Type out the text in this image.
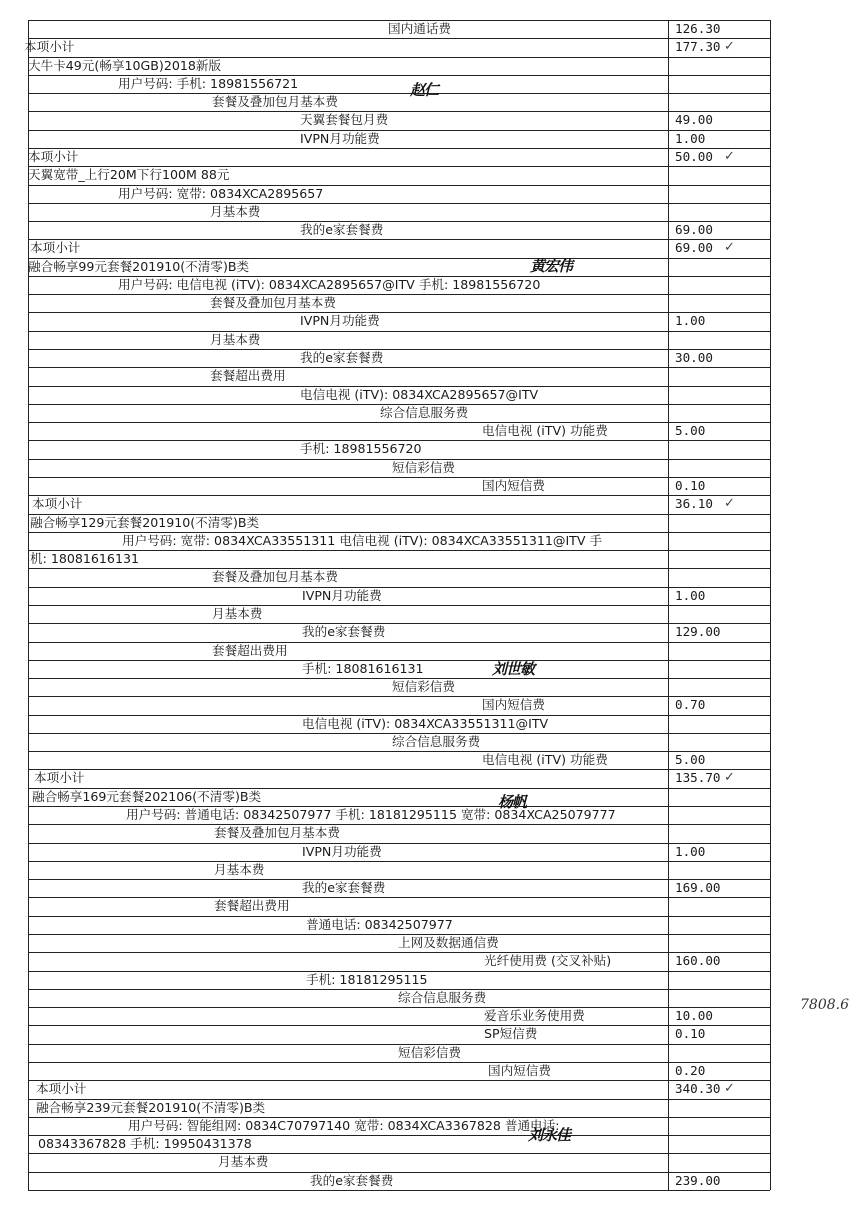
国内通话费	126.30
本项小计	177.30 ✓
大牛卡49元(畅享10GB)2018新版
用户号码: 手机: 18981556721
套餐及叠加包月基本费
天翼套餐包月费	49.00
IVPN月功能费	1.00
本项小计	50.00 ✓
天翼宽带_上行20M下行100M 88元
用户号码: 宽带: 0834XCA2895657
月基本费
我的e家套餐费	69.00
本项小计	69.00 ✓
融合畅享99元套餐201910(不清零)B类
用户号码: 电信电视 (iTV): 0834XCA2895657@ITV 手机: 18981556720
套餐及叠加包月基本费
IVPN月功能费	1.00
月基本费
我的e家套餐费	30.00
套餐超出费用
电信电视 (iTV): 0834XCA2895657@ITV
综合信息服务费
电信电视 (iTV) 功能费	5.00
手机: 18981556720
短信彩信费
国内短信费	0.10
本项小计	36.10 ✓
融合畅享129元套餐201910(不清零)B类
用户号码: 宽带: 0834XCA33551311 电信电视 (iTV): 0834XCA33551311@ITV 手
机: 18081616131
套餐及叠加包月基本费
IVPN月功能费	1.00
月基本费
我的e家套餐费	129.00
套餐超出费用
手机: 18081616131
短信彩信费
国内短信费	0.70
电信电视 (iTV): 0834XCA33551311@ITV
综合信息服务费
电信电视 (iTV) 功能费	5.00
本项小计	135.70 ✓
融合畅享169元套餐202106(不清零)B类
用户号码: 普通电话: 08342507977 手机: 18181295115 宽带: 0834XCA25079777
套餐及叠加包月基本费
IVPN月功能费	1.00
月基本费
我的e家套餐费	169.00
套餐超出费用
普通电话: 08342507977
上网及数据通信费
光纤使用费 (交叉补贴)	160.00
手机: 18181295115
综合信息服务费
爱音乐业务使用费	10.00
SP短信费	0.10
短信彩信费
国内短信费	0.20
本项小计	340.30 ✓
融合畅享239元套餐201910(不清零)B类
用户号码: 智能组网: 0834C70797140 宽带: 0834XCA3367828 普通电话:
08343367828 手机: 19950431378
月基本费
我的e家套餐费	239.00
赵仁
黄宏伟
刘世敏
杨帆
刘永佳
7808.6
